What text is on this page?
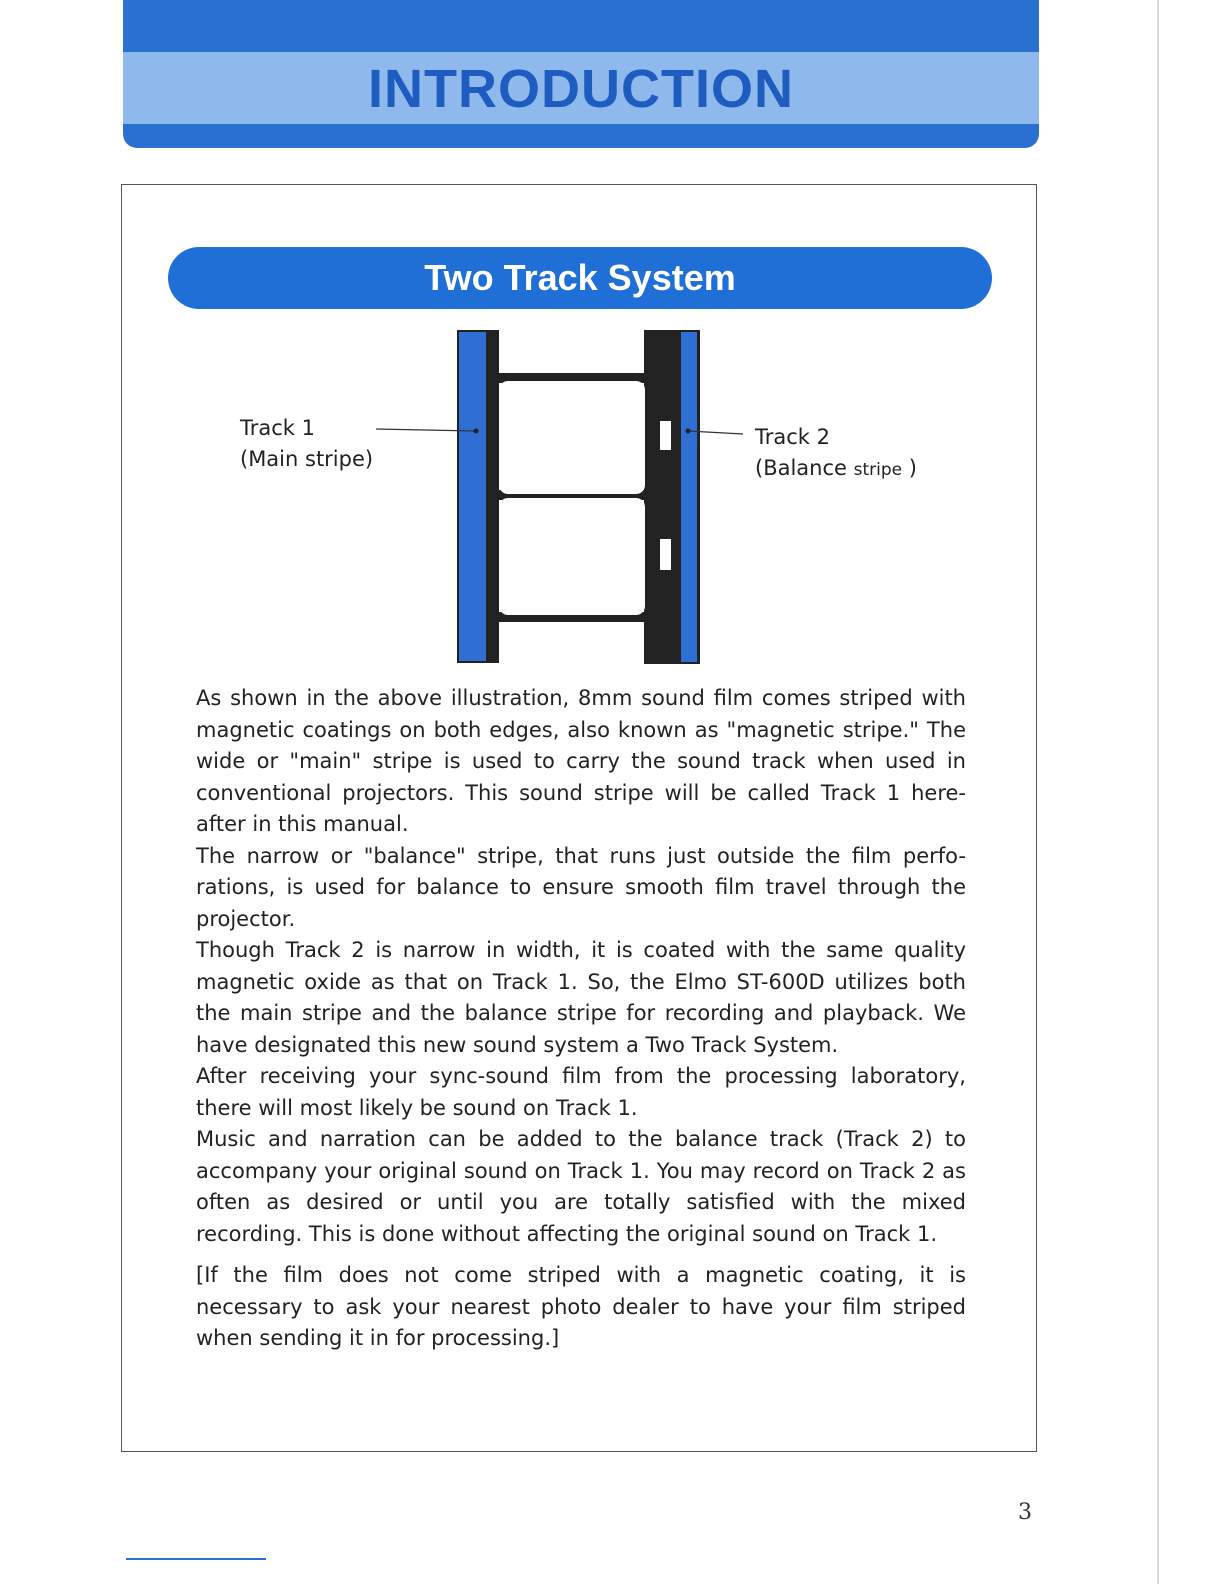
INTRODUCTION
Two Track System
Track 1
(Main stripe)
Track 2
(Balance stripe )

As shown in the above illustration, 8mm sound film comes striped with magnetic coatings on both edges, also known as "magnetic stripe." The wide or "main" stripe is used to carry the sound track when used in conventional projectors. This sound stripe will be called Track 1 here-after in this manual.

The narrow or "balance" stripe, that runs just outside the film perfo-rations, is used for balance to ensure smooth film travel through the projector.

Though Track 2 is narrow in width, it is coated with the same quality magnetic oxide as that on Track 1. So, the Elmo ST-600D utilizes both the main stripe and the balance stripe for recording and playback. We have designated this new sound system a Two Track System.

After receiving your sync-sound film from the processing laboratory, there will most likely be sound on Track 1.

Music and narration can be added to the balance track (Track 2) to accompany your original sound on Track 1. You may record on Track 2 as often as desired or until you are totally satisfied with the mixed recording. This is done without affecting the original sound on Track 1.

[If the film does not come striped with a magnetic coating, it is necessary to ask your nearest photo dealer to have your film striped when sending it in for processing.]

3
